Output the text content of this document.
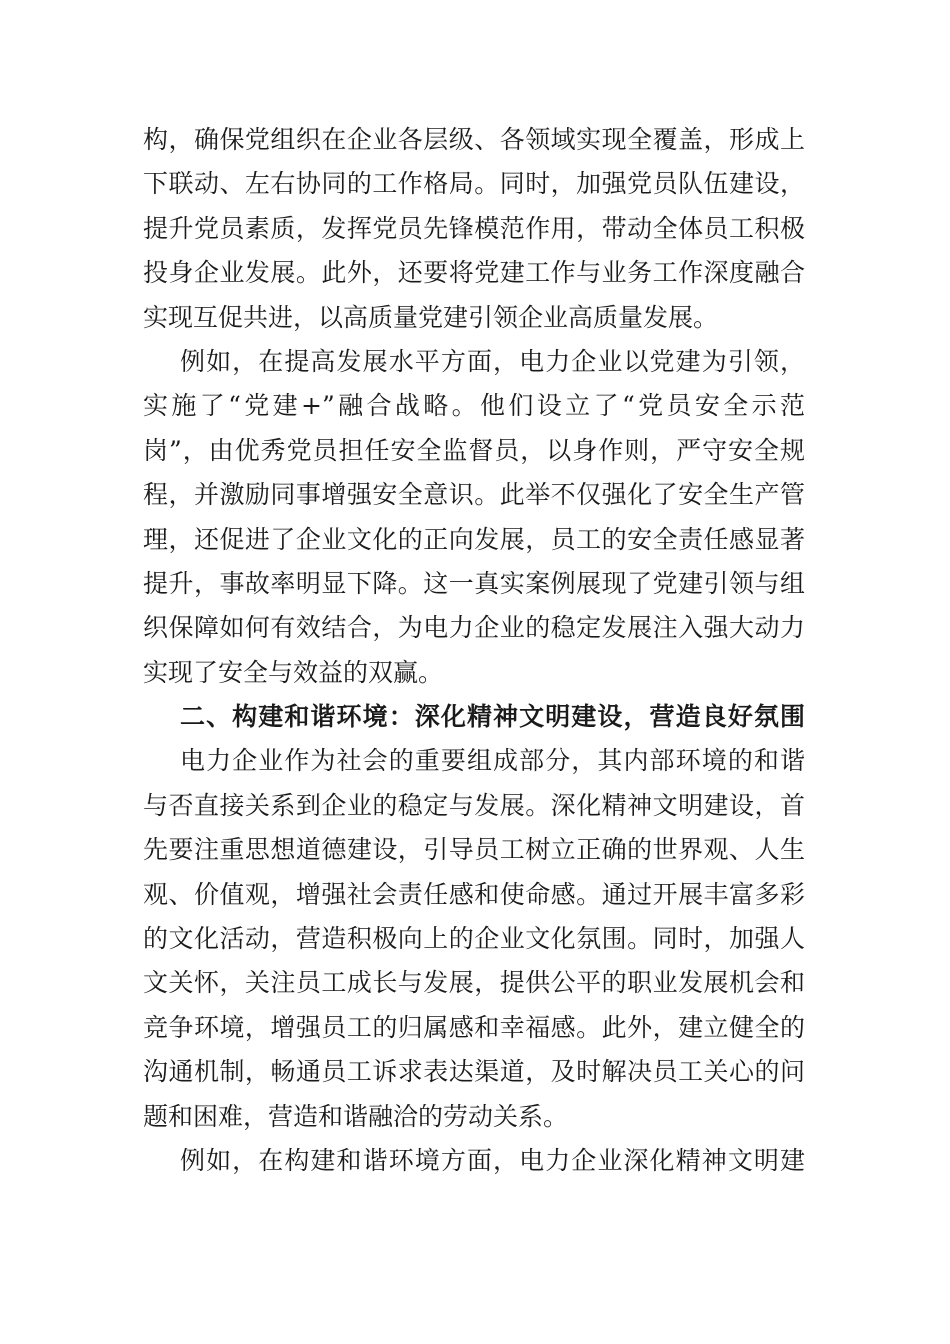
构，确保党组织在企业各层级、各领域实现全覆盖，形成上
下联动、左右协同的工作格局。同时，加强党员队伍建设，
提升党员素质，发挥党员先锋模范作用，带动全体员工积极
投身企业发展。此外，还要将党建工作与业务工作深度融合
实现互促共进，以高质量党建引领企业高质量发展。
例如，在提高发展水平方面，电力企业以党建为引领，
实施了“党建+”融合战略。他们设立了“党员安全示范
岗”，由优秀党员担任安全监督员，以身作则，严守安全规
程，并激励同事增强安全意识。此举不仅强化了安全生产管
理，还促进了企业文化的正向发展，员工的安全责任感显著
提升，事故率明显下降。这一真实案例展现了党建引领与组
织保障如何有效结合，为电力企业的稳定发展注入强大动力
实现了安全与效益的双赢。
二、构建和谐环境：深化精神文明建设，营造良好氛围
电力企业作为社会的重要组成部分，其内部环境的和谐
与否直接关系到企业的稳定与发展。深化精神文明建设，首
先要注重思想道德建设，引导员工树立正确的世界观、人生
观、价值观，增强社会责任感和使命感。通过开展丰富多彩
的文化活动，营造积极向上的企业文化氛围。同时，加强人
文关怀，关注员工成长与发展，提供公平的职业发展机会和
竞争环境，增强员工的归属感和幸福感。此外，建立健全的
沟通机制，畅通员工诉求表达渠道，及时解决员工关心的问
题和困难，营造和谐融洽的劳动关系。
例如，在构建和谐环境方面，电力企业深化精神文明建
